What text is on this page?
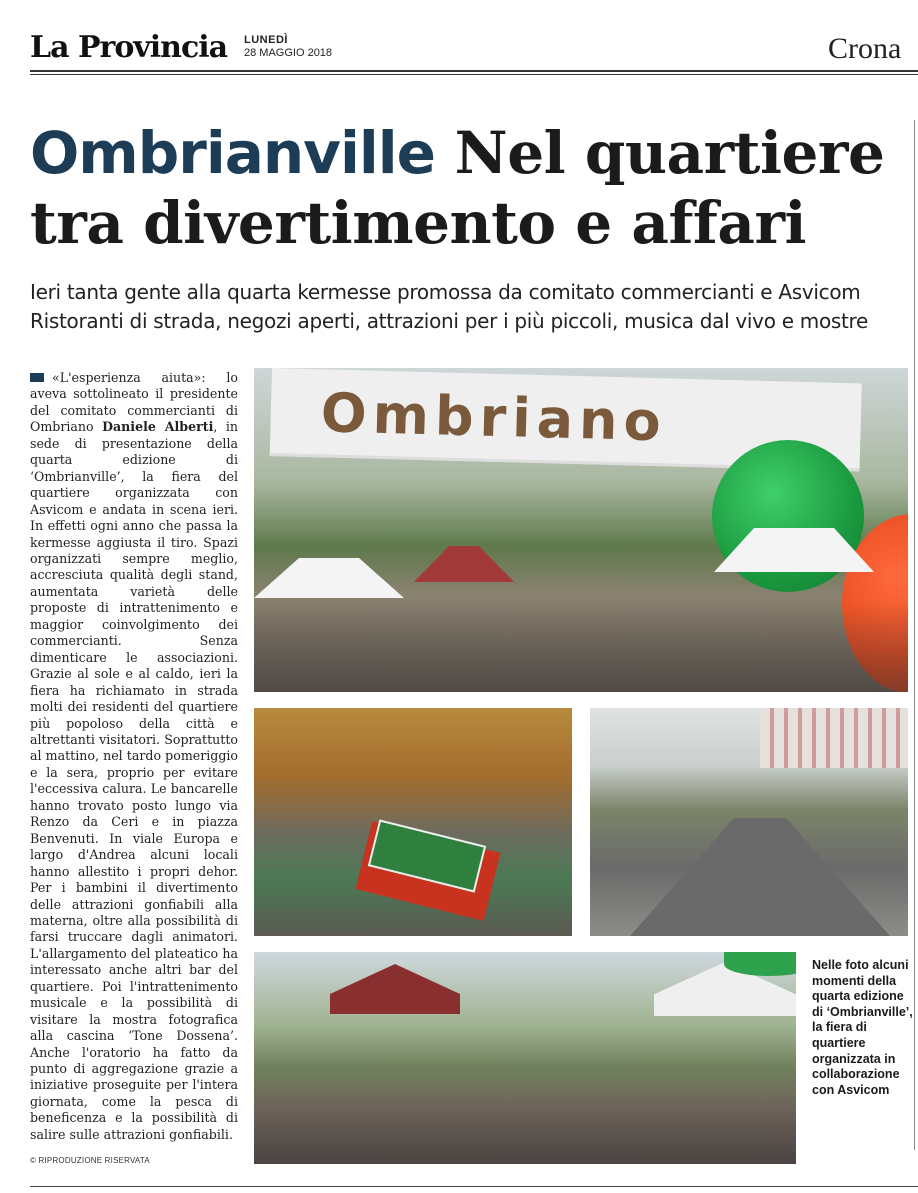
La Provincia LUNEDÌ
28 MAGGIO 2018	Crona
Ombrianville Nel quartiere
tra divertimento e affari
Ieri tanta gente alla quarta kermesse promossa da comitato commercianti e Asvicom
Ristoranti di strada, negozi aperti, attrazioni per i più piccoli, musica dal vivo e mostre
«L'esperienza aiuta»: lo aveva sottolineato il presidente del comitato commercianti di Ombriano Daniele Alberti, in sede di presentazione della quarta edizione di ‘Ombrianville’, la fiera del quartiere organizzata con Asvicom e andata in scena ieri. In effetti ogni anno che passa la kermesse aggiusta il tiro. Spazi organizzati sempre meglio, accresciuta qualità degli stand, aumentata varietà delle proposte di intrattenimento e maggior coinvolgimento dei commercianti. Senza dimenticare le associazioni. Grazie al sole e al caldo, ieri la fiera ha richiamato in strada molti dei residenti del quartiere più popoloso della città e altrettanti visitatori. Soprattutto al mattino, nel tardo pomeriggio e la sera, proprio per evitare l'eccessiva calura. Le bancarelle hanno trovato posto lungo via Renzo da Ceri e in piazza Benvenuti. In viale Europa e largo d'Andrea alcuni locali hanno allestito i propri dehor. Per i bambini il divertimento delle attrazioni gonfiabili alla materna, oltre alla possibilità di farsi truccare dagli animatori. L'allargamento del plateatico ha interessato anche altri bar del quartiere. Poi l'intrattenimento musicale e la possibilità di visitare la mostra fotografica alla cascina ‘Tone Dossena’. Anche l'oratorio ha fatto da punto di aggregazione grazie a iniziative proseguite per l'intera giornata, come la pesca di beneficenza e la possibilità di salire sulle attrazioni gonfiabili.
© RIPRODUZIONE RISERVATA
Ombriano
Nelle foto alcuni momenti della quarta edizione di ‘Ombrianville’, la fiera di quartiere organizzata in collaborazione con Asvicom
